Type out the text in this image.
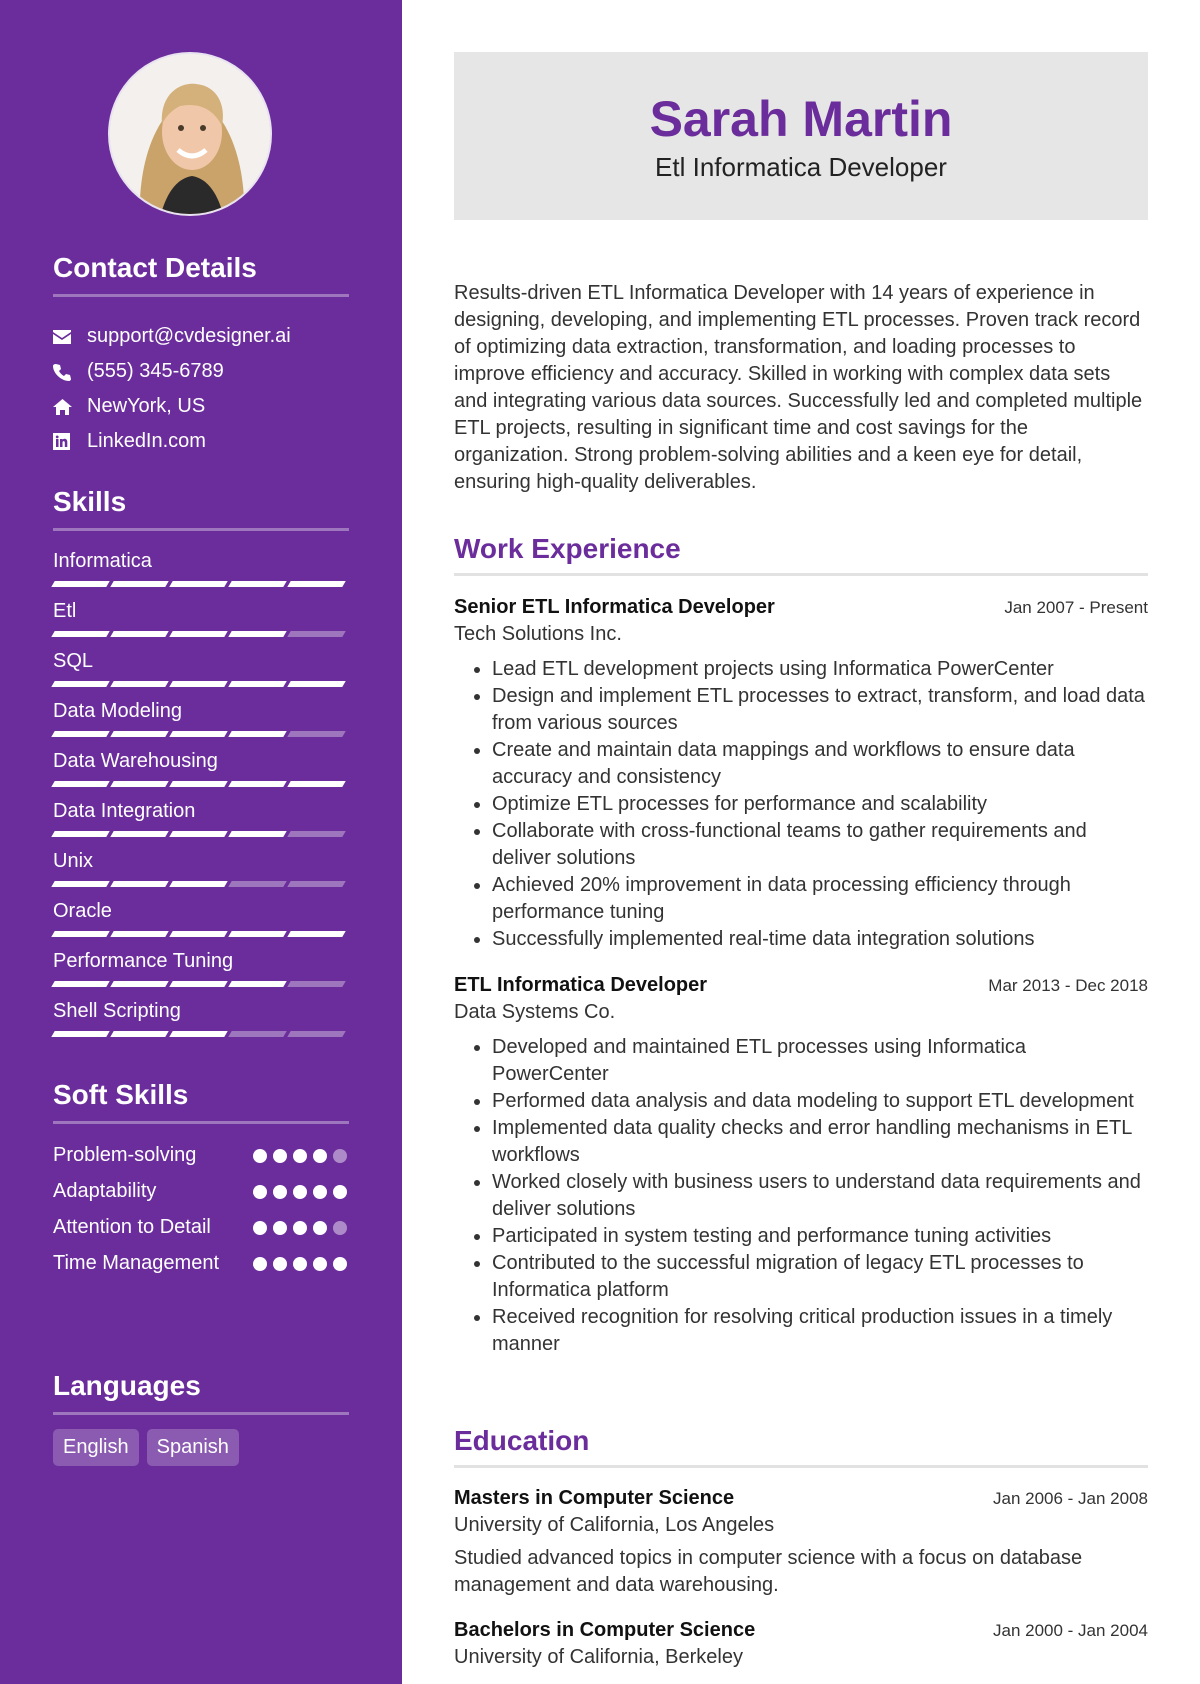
Contact Details
support@cvdesigner.ai
(555) 345-6789
NewYork, US
LinkedIn.com
Skills
Informatica
Etl
SQL
Data Modeling
Data Warehousing
Data Integration
Unix
Oracle
Performance Tuning
Shell Scripting
Soft Skills
Problem-solving
Adaptability
Attention to Detail
Time Management
Languages
English	Spanish
Sarah Martin
Etl Informatica Developer

Results-driven ETL Informatica Developer with 14 years of experience in designing, developing, and implementing ETL processes. Proven track record of optimizing data extraction, transformation, and loading processes to improve efficiency and accuracy. Skilled in working with complex data sets and integrating various data sources. Successfully led and completed multiple ETL projects, resulting in significant time and cost savings for the organization. Strong problem-solving abilities and a keen eye for detail, ensuring high-quality deliverables.

Work Experience
Senior ETL Informatica Developer	Jan 2007 - Present
Tech Solutions Inc.
• Lead ETL development projects using Informatica PowerCenter
• Design and implement ETL processes to extract, transform, and load data from various sources
• Create and maintain data mappings and workflows to ensure data accuracy and consistency
• Optimize ETL processes for performance and scalability
• Collaborate with cross-functional teams to gather requirements and deliver solutions
• Achieved 20% improvement in data processing efficiency through performance tuning
• Successfully implemented real-time data integration solutions
ETL Informatica Developer	Mar 2013 - Dec 2018
Data Systems Co.
• Developed and maintained ETL processes using Informatica PowerCenter
• Performed data analysis and data modeling to support ETL development
• Implemented data quality checks and error handling mechanisms in ETL workflows
• Worked closely with business users to understand data requirements and deliver solutions
• Participated in system testing and performance tuning activities
• Contributed to the successful migration of legacy ETL processes to Informatica platform
• Received recognition for resolving critical production issues in a timely manner
Education
Masters in Computer Science	Jan 2006 - Jan 2008
University of California, Los Angeles

Studied advanced topics in computer science with a focus on database management and data warehousing.

Bachelors in Computer Science	Jan 2000 - Jan 2004
University of California, Berkeley
